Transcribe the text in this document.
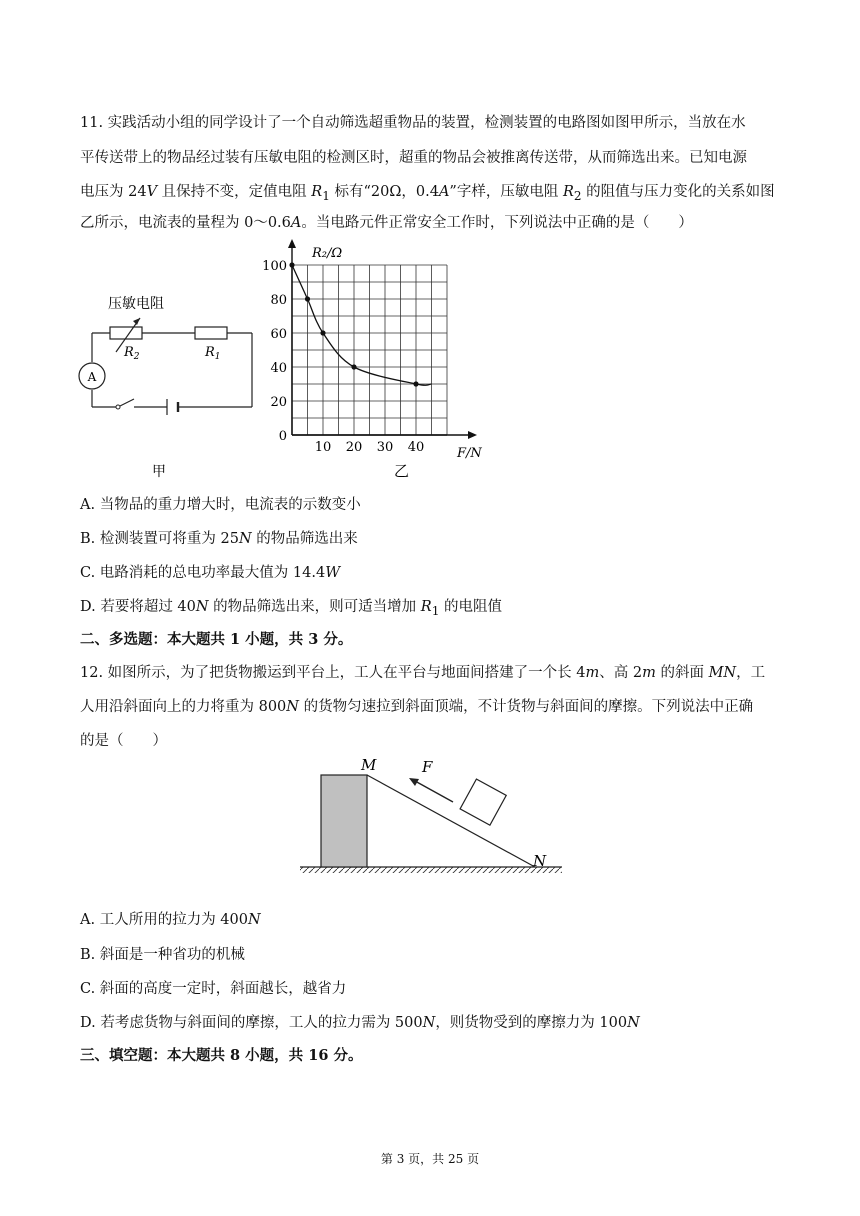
11. 实践活动小组的同学设计了一个自动筛选超重物品的装置，检测装置的电路图如图甲所示，当放在水
平传送带上的物品经过装有压敏电阻的检测区时，超重的物品会被推离传送带，从而筛选出来。已知电源
电压为 24V 且保持不变，定值电阻 $R_1$ 标有“20Ω，0.4A”字样，压敏电阻 $R_2$ 的阻值与压力变化的关系如图
乙所示，电流表的量程为 0～0.6A。当电路元件正常安全工作时，下列说法中正确的是（　　）
压敏电阻
$R_2$	$R_1$
A
甲
0
20
40
60
80
100
10 20 30 40
R₂/Ω
F/N
乙
A. 当物品的重力增大时，电流表的示数变小
B. 检测装置可将重为 25N 的物品筛选出来
C. 电路消耗的总电功率最大值为 14.4W
D. 若要将超过 40N 的物品筛选出来，则可适当增加 $R_1$ 的电阻值
二、多选题：本大题共 1 小题，共 3 分。
12. 如图所示，为了把货物搬运到平台上，工人在平台与地面间搭建了一个长 4m、高 2m 的斜面 MN，工
人用沿斜面向上的力将重为 800N 的货物匀速拉到斜面顶端，不计货物与斜面间的摩擦。下列说法中正确
的是（　　）
M	F
N
A. 工人所用的拉力为 400N
B. 斜面是一种省功的机械
C. 斜面的高度一定时，斜面越长，越省力
D. 若考虑货物与斜面间的摩擦，工人的拉力需为 500N，则货物受到的摩擦力为 100N
三、填空题：本大题共 8 小题，共 16 分。
第 3 页，共 25 页
